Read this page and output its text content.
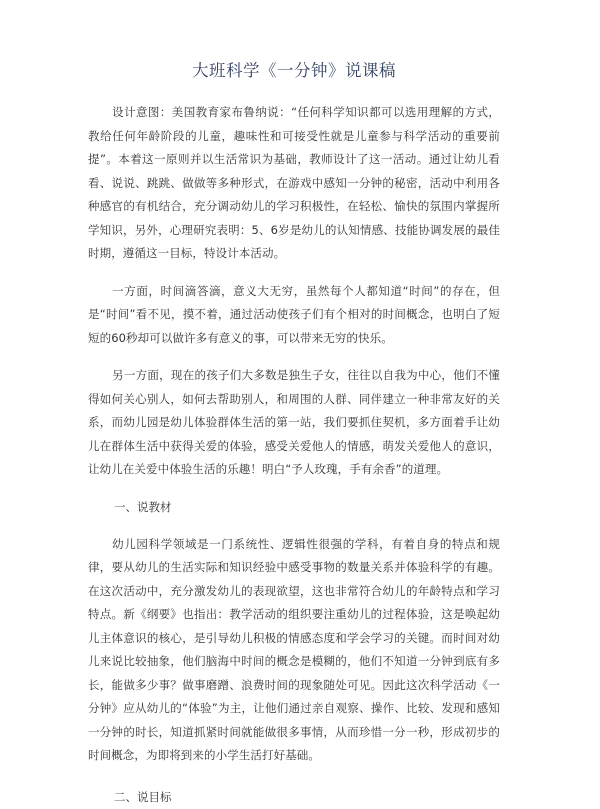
大班科学《一分钟》说课稿

设计意图：美国教育家布鲁纳说：“任何科学知识都可以选用理解的方式，教给任何年龄阶段的儿童，趣味性和可接受性就是儿童参与科学活动的重要前提”。本着这一原则并以生活常识为基础，教师设计了这一活动。通过让幼儿看看、说说、跳跳、做做等多种形式，在游戏中感知一分钟的秘密，活动中利用各种感官的有机结合，充分调动幼儿的学习积极性，在轻松、愉快的氛围内掌握所学知识，另外，心理研究表明：5、6岁是幼儿的认知情感、技能协调发展的最佳时期，遵循这一目标，特设计本活动。

一方面，时间滴答滴，意义大无穷，虽然每个人都知道“时间”的存在，但是“时间”看不见，摸不着，通过活动使孩子们有个相对的时间概念，也明白了短短的60秒却可以做许多有意义的事，可以带来无穷的快乐。

另一方面，现在的孩子们大多数是独生子女，往往以自我为中心，他们不懂得如何关心别人，如何去帮助别人，和周围的人群、同伴建立一种非常友好的关系，而幼儿园是幼儿体验群体生活的第一站，我们要抓住契机，多方面着手让幼儿在群体生活中获得关爱的体验，感受关爱他人的情感，萌发关爱他人的意识，让幼儿在关爱中体验生活的乐趣！明白“予人玫瑰，手有余香”的道理。

一、说教材

幼儿园科学领域是一门系统性、逻辑性很强的学科，有着自身的特点和规律，要从幼儿的生活实际和知识经验中感受事物的数量关系并体验科学的有趣。在这次活动中，充分激发幼儿的表现欲望，这也非常符合幼儿的年龄特点和学习特点。新《纲要》也指出：教学活动的组织要注重幼儿的过程体验，这是唤起幼儿主体意识的核心，是引导幼儿积极的情感态度和学会学习的关键。而时间对幼儿来说比较抽象，他们脑海中时间的概念是模糊的，他们不知道一分钟到底有多长，能做多少事？做事磨蹭、浪费时间的现象随处可见。因此这次科学活动《一分钟》应从幼儿的“体验”为主，让他们通过亲自观察、操作、比较、发现和感知一分钟的时长，知道抓紧时间就能做很多事情，从而珍惜一分一秒，形成初步的时间概念，为即将到来的小学生活打好基础。

二、说目标
